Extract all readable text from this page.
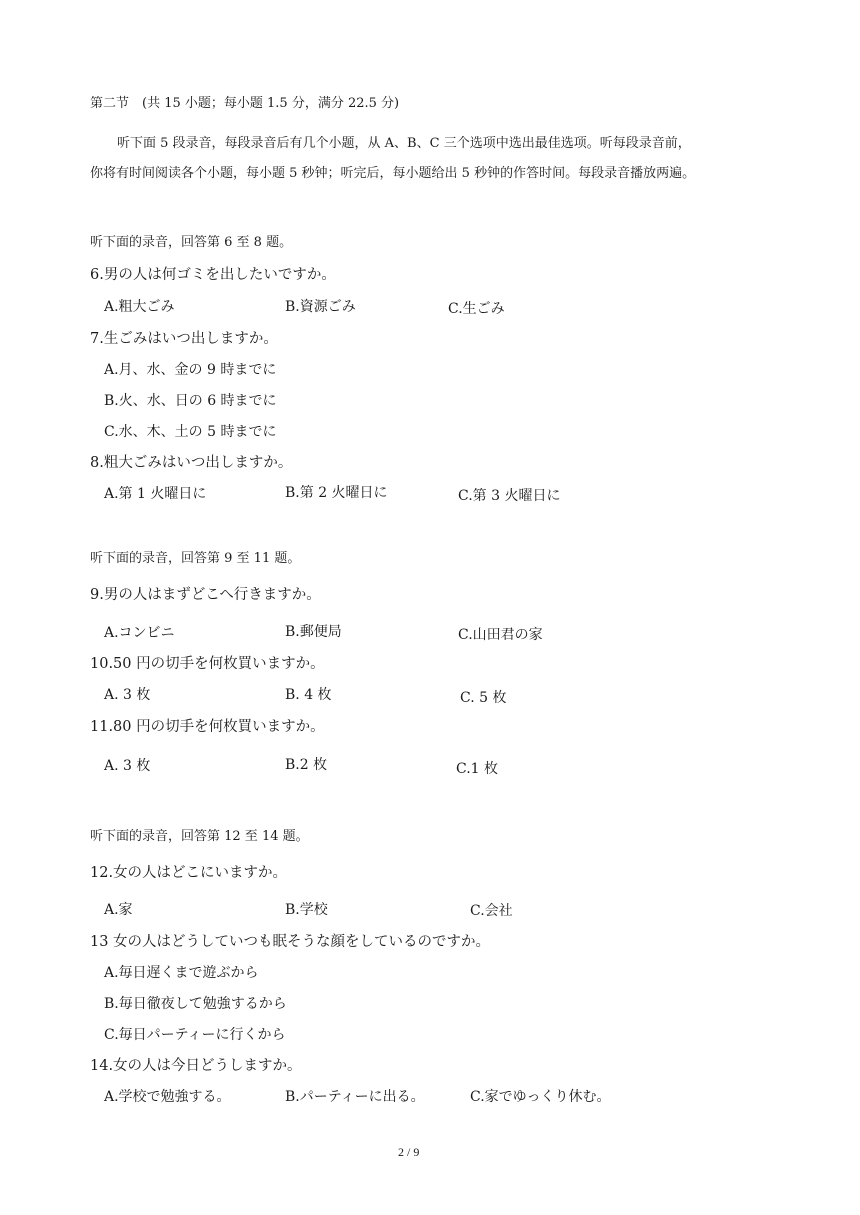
第二节　(共 15 小题；每小题 1.5 分，满分 22.5 分)
听下面 5 段录音，每段录音后有几个小题，从 A、B、C 三个选项中选出最佳选项。听每段录音前，
你将有时间阅读各个小题，每小题 5 秒钟；听完后，每小题给出 5 秒钟的作答时间。每段录音播放两遍。
听下面的录音，回答第 6 至 8 题。
6.男の人は何ゴミを出したいですか。
A.粗大ごみ	B.資源ごみ	C.生ごみ
7.生ごみはいつ出しますか。
A.月、水、金の 9 時までに
B.火、水、日の 6 時までに
C.水、木、土の 5 時までに
8.粗大ごみはいつ出しますか。
A.第 1 火曜日に	B.第 2 火曜日に	C.第 3 火曜日に
听下面的录音，回答第 9 至 11 题。
9.男の人はまずどこへ行きますか。
A.コンビニ	B.郵便局	C.山田君の家
10.50 円の切手を何枚買いますか。
A. 3 枚	B. 4 枚	C. 5 枚
11.80 円の切手を何枚買いますか。
A. 3 枚	B.2 枚	C.1 枚
听下面的录音，回答第 12 至 14 题。
12.女の人はどこにいますか。
A.家	B.学校	C.会社
13 女の人はどうしていつも眠そうな顔をしているのですか。
A.毎日遅くまで遊ぶから
B.毎日徹夜して勉強するから
C.毎日パーティーに行くから
14.女の人は今日どうしますか。
A.学校で勉強する。	B.パーティーに出る。	C.家でゆっくり休む。
2 / 9
